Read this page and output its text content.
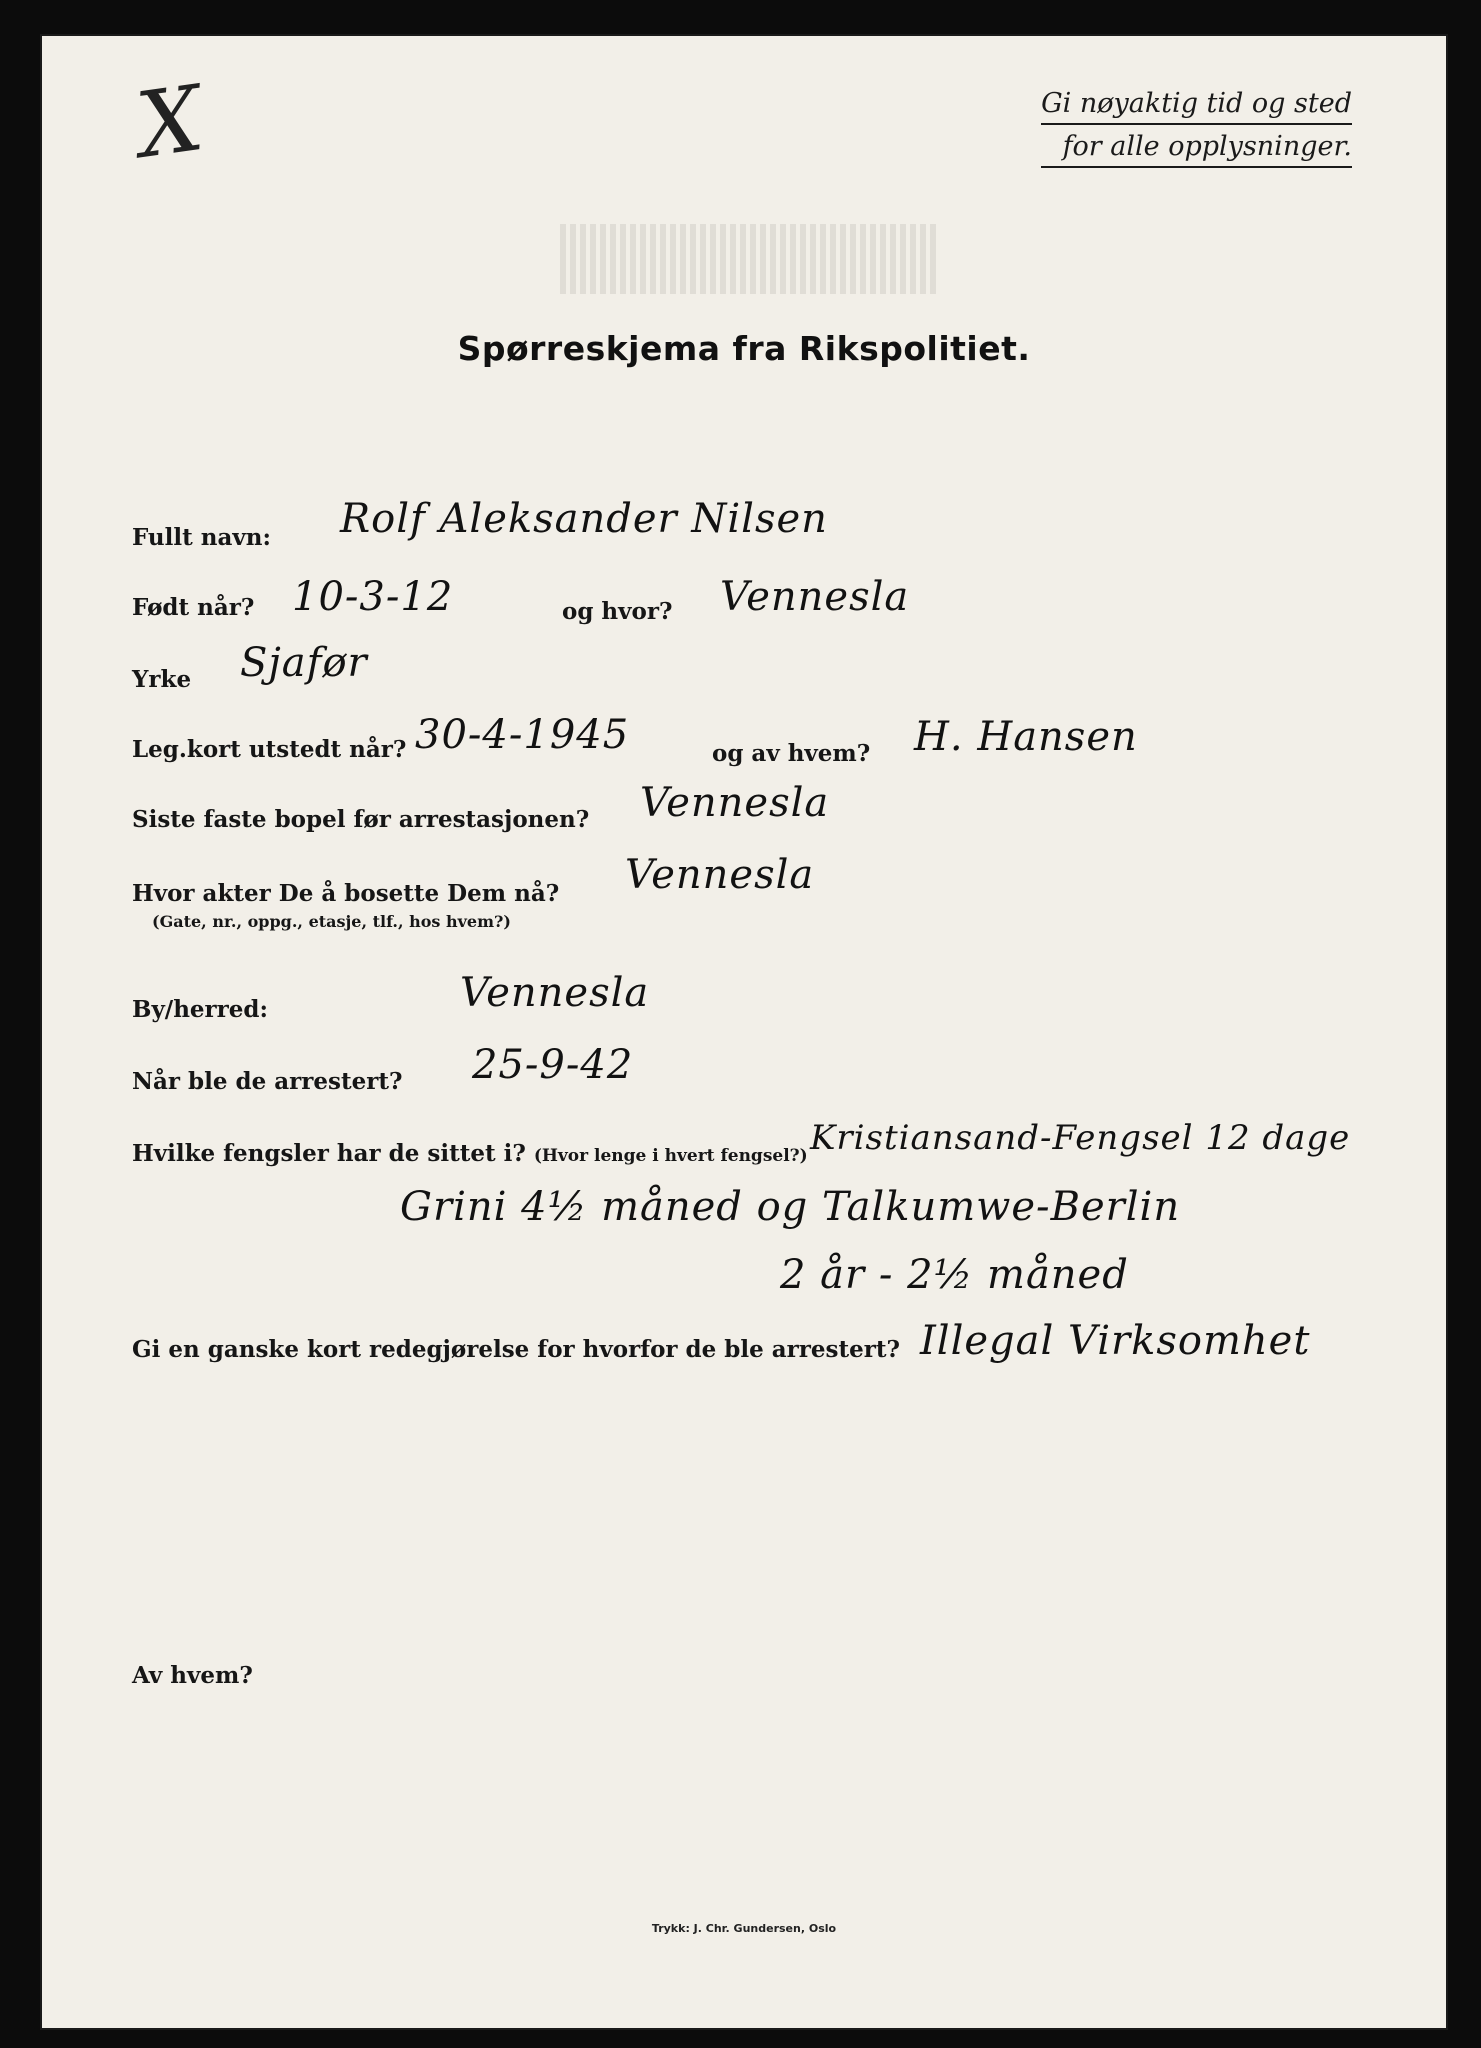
X	Gi nøyaktig tid og sted
for alle opplysninger.
Spørreskjema fra Rikspolitiet.
Fullt navn: Rolf Aleksander Nilsen
Født når? 10-3-12	og hvor? Vennesla
Yrke Sjafør
Leg.kort utstedt når? 30-4-1945	og av hvem? H. Hansen
Siste faste bopel før arrestasjonen? Vennesla
Hvor akter De å bosette Dem nå?
(Gate, nr., oppg., etasje, tlf., hos hvem?)
Vennesla
By/herred:	Vennesla
Når ble de arrestert? 25-9-42
Hvilke fengsler har de sittet i? (Hvor lenge i hvert fengsel?) Kristiansand-Fengsel 12 dage
Grini 4½ måned og Talkumwe-Berlin
2 år - 2½ måned
Gi en ganske kort redegjørelse for hvorfor de ble arrestert? Illegal Virksomhet
Av hvem?
Trykk: J. Chr. Gundersen, Oslo
